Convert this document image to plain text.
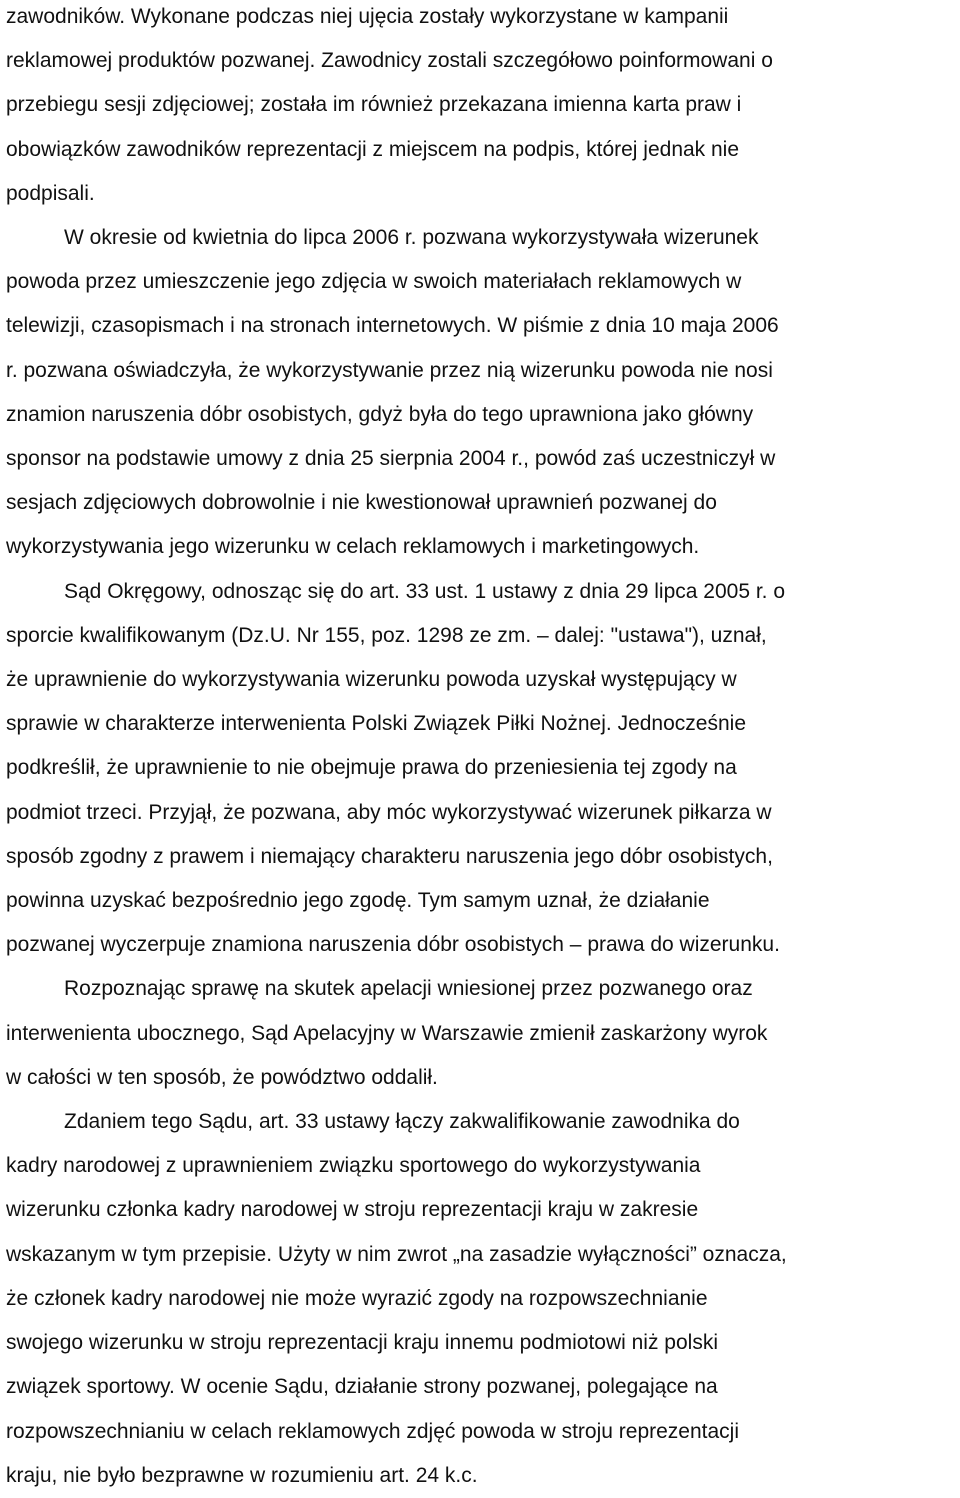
zawodników. Wykonane podczas niej ujęcia zostały wykorzystane w kampanii
reklamowej produktów pozwanej. Zawodnicy zostali szczegółowo poinformowani o
przebiegu sesji zdjęciowej; została im również przekazana imienna karta praw i
obowiązków zawodników reprezentacji z miejscem na podpis, której jednak nie
podpisali.
W okresie od kwietnia do lipca 2006 r. pozwana wykorzystywała wizerunek
powoda przez umieszczenie jego zdjęcia w swoich materiałach reklamowych w
telewizji, czasopismach i na stronach internetowych. W piśmie z dnia 10 maja 2006
r. pozwana oświadczyła, że wykorzystywanie przez nią wizerunku powoda nie nosi
znamion naruszenia dóbr osobistych, gdyż była do tego uprawniona jako główny
sponsor na podstawie umowy z dnia 25 sierpnia 2004 r., powód zaś uczestniczył w
sesjach zdjęciowych dobrowolnie i nie kwestionował uprawnień pozwanej do
wykorzystywania jego wizerunku w celach reklamowych i marketingowych.
Sąd Okręgowy, odnosząc się do art. 33 ust. 1 ustawy z dnia 29 lipca 2005 r. o
sporcie kwalifikowanym (Dz.U. Nr 155, poz. 1298 ze zm. – dalej: "ustawa"), uznał,
że uprawnienie do wykorzystywania wizerunku powoda uzyskał występujący w
sprawie w charakterze interwenienta Polski Związek Piłki Nożnej. Jednocześnie
podkreślił, że uprawnienie to nie obejmuje prawa do przeniesienia tej zgody na
podmiot trzeci. Przyjął, że pozwana, aby móc wykorzystywać wizerunek piłkarza w
sposób zgodny z prawem i niemający charakteru naruszenia jego dóbr osobistych,
powinna uzyskać bezpośrednio jego zgodę. Tym samym uznał, że działanie
pozwanej wyczerpuje znamiona naruszenia dóbr osobistych – prawa do wizerunku.
Rozpoznając sprawę na skutek apelacji wniesionej przez pozwanego oraz
interwenienta ubocznego, Sąd Apelacyjny w Warszawie zmienił zaskarżony wyrok
w całości w ten sposób, że powództwo oddalił.
Zdaniem tego Sądu, art. 33 ustawy łączy zakwalifikowanie zawodnika do
kadry narodowej z uprawnieniem związku sportowego do wykorzystywania
wizerunku członka kadry narodowej w stroju reprezentacji kraju w zakresie
wskazanym w tym przepisie. Użyty w nim zwrot „na zasadzie wyłączności” oznacza,
że członek kadry narodowej nie może wyrazić zgody na rozpowszechnianie
swojego wizerunku w stroju reprezentacji kraju innemu podmiotowi niż polski
związek sportowy. W ocenie Sądu, działanie strony pozwanej, polegające na
rozpowszechnianiu w celach reklamowych zdjęć powoda w stroju reprezentacji
kraju, nie było bezprawne w rozumieniu art. 24 k.c.
